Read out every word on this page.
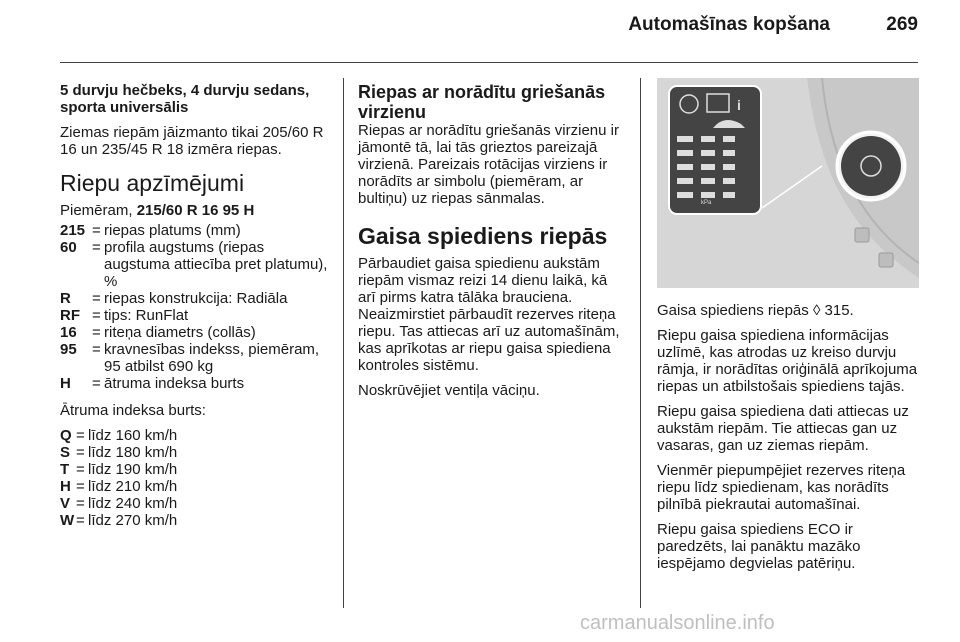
Automašīnas kopšana	269
5 durvju hečbeks, 4 durvju sedans, sporta universālis

Ziemas riepām jāizmanto tikai 205/60 R 16 un 235/45 R 18 izmēra riepas.

Riepu apzīmējumi

Piemēram, 215/60 R 16 95 H

215 = riepas platums (mm)
60	= profila augstums (riepas augstuma attiecība pret platumu), %
R	= riepas konstrukcija: Radiāla
RF = tips: RunFlat
16	= riteņa diametrs (collās)
95	= kravnesības indekss, piemēram, 95 atbilst 690 kg
H	= ātruma indeksa burts

Ātruma indeksa burts:

Q = līdz 160 km/h
S = līdz 180 km/h
T = līdz 190 km/h
H = līdz 210 km/h
V = līdz 240 km/h
W = līdz 270 km/h
Riepas ar norādītu griešanās virzienu

Riepas ar norādītu griešanās virzienu ir jāmontē tā, lai tās grieztos pareizajā virzienā. Pareizais rotācijas virziens ir norādīts ar simbolu (piemēram, ar bultiņu) uz riepas sānmalas.

Gaisa spiediens riepās

Pārbaudiet gaisa spiedienu aukstām riepām vismaz reizi 14 dienu laikā, kā arī pirms katra tālāka brauciena. Neaizmirstiet pārbaudīt rezerves riteņa riepu. Tas attiecas arī uz automašīnām, kas aprīkotas ar riepu gaisa spiediena kontroles sistēmu.

Noskrūvējiet ventiļa vāciņu.

i
kPa

Gaisa spiediens riepās ◊ 315.

Riepu gaisa spiediena informācijas uzlīmē, kas atrodas uz kreiso durvju rāmja, ir norādītas oriģinālā aprīkojuma riepas un atbilstošais spiediens tajās.

Riepu gaisa spiediena dati attiecas uz aukstām riepām. Tie attiecas gan uz vasaras, gan uz ziemas riepām.

Vienmēr piepumpējiet rezerves riteņa riepu līdz spiedienam, kas norādīts pilnībā piekrautai automašīnai.

Riepu gaisa spiediens ECO ir paredzēts, lai panāktu mazāko iespējamo degvielas patēriņu.

carmanualsonline.info
